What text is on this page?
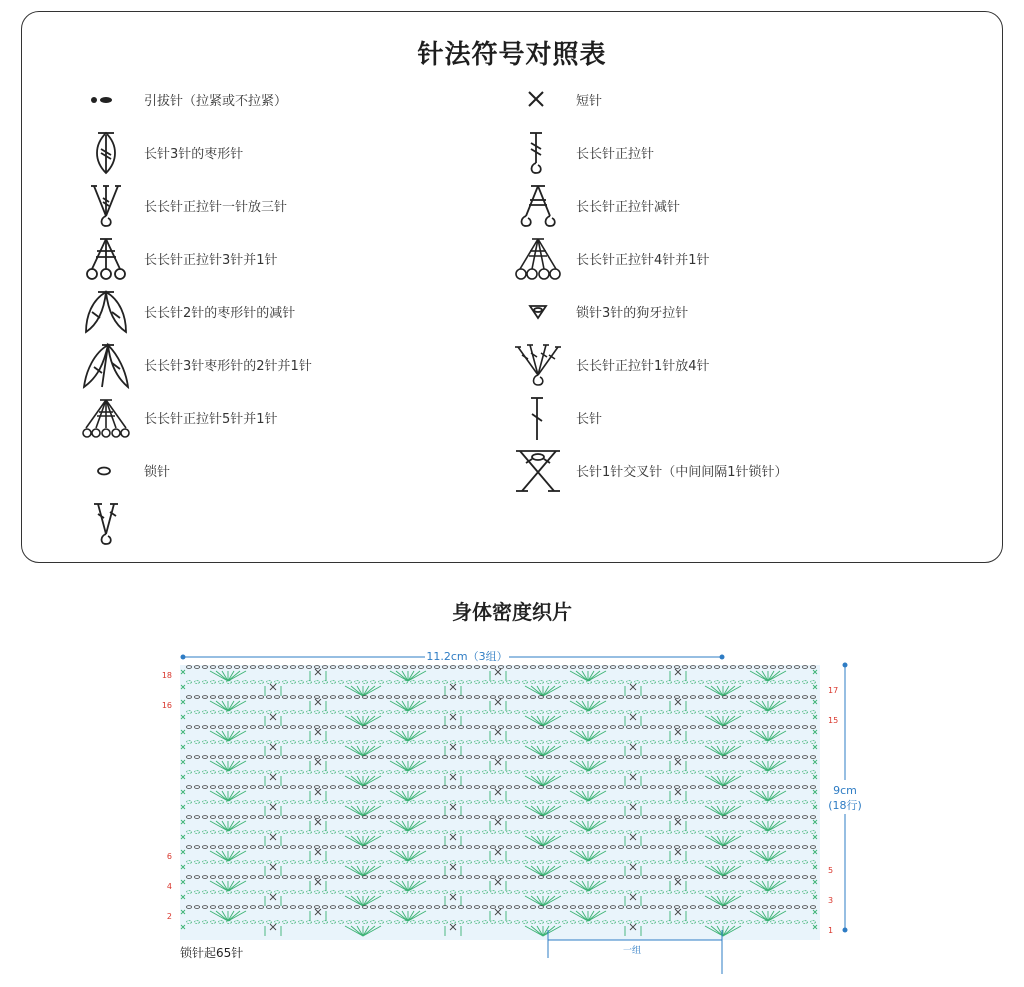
针法符号对照表
引拔针（拉紧或不拉紧）
长针3针的枣形针
长长针正拉针一针放三针
长长针正拉针3针并1针
长长针2针的枣形针的减针
长长针3针枣形针的2针并1针
长长针正拉针5针并1针
锁针
短针
长长针正拉针
长长针正拉针减针
长长针正拉针4针并1针
锁针3针的狗牙拉针
长长针正拉针1针放4针
长针
长针1针交叉针（中间间隔1针锁针）
身体密度织片
11.2cm（3组）
9cm
(18行)
一组
18
16
6
4
2
17
15
5
3
1
锁针起65针
